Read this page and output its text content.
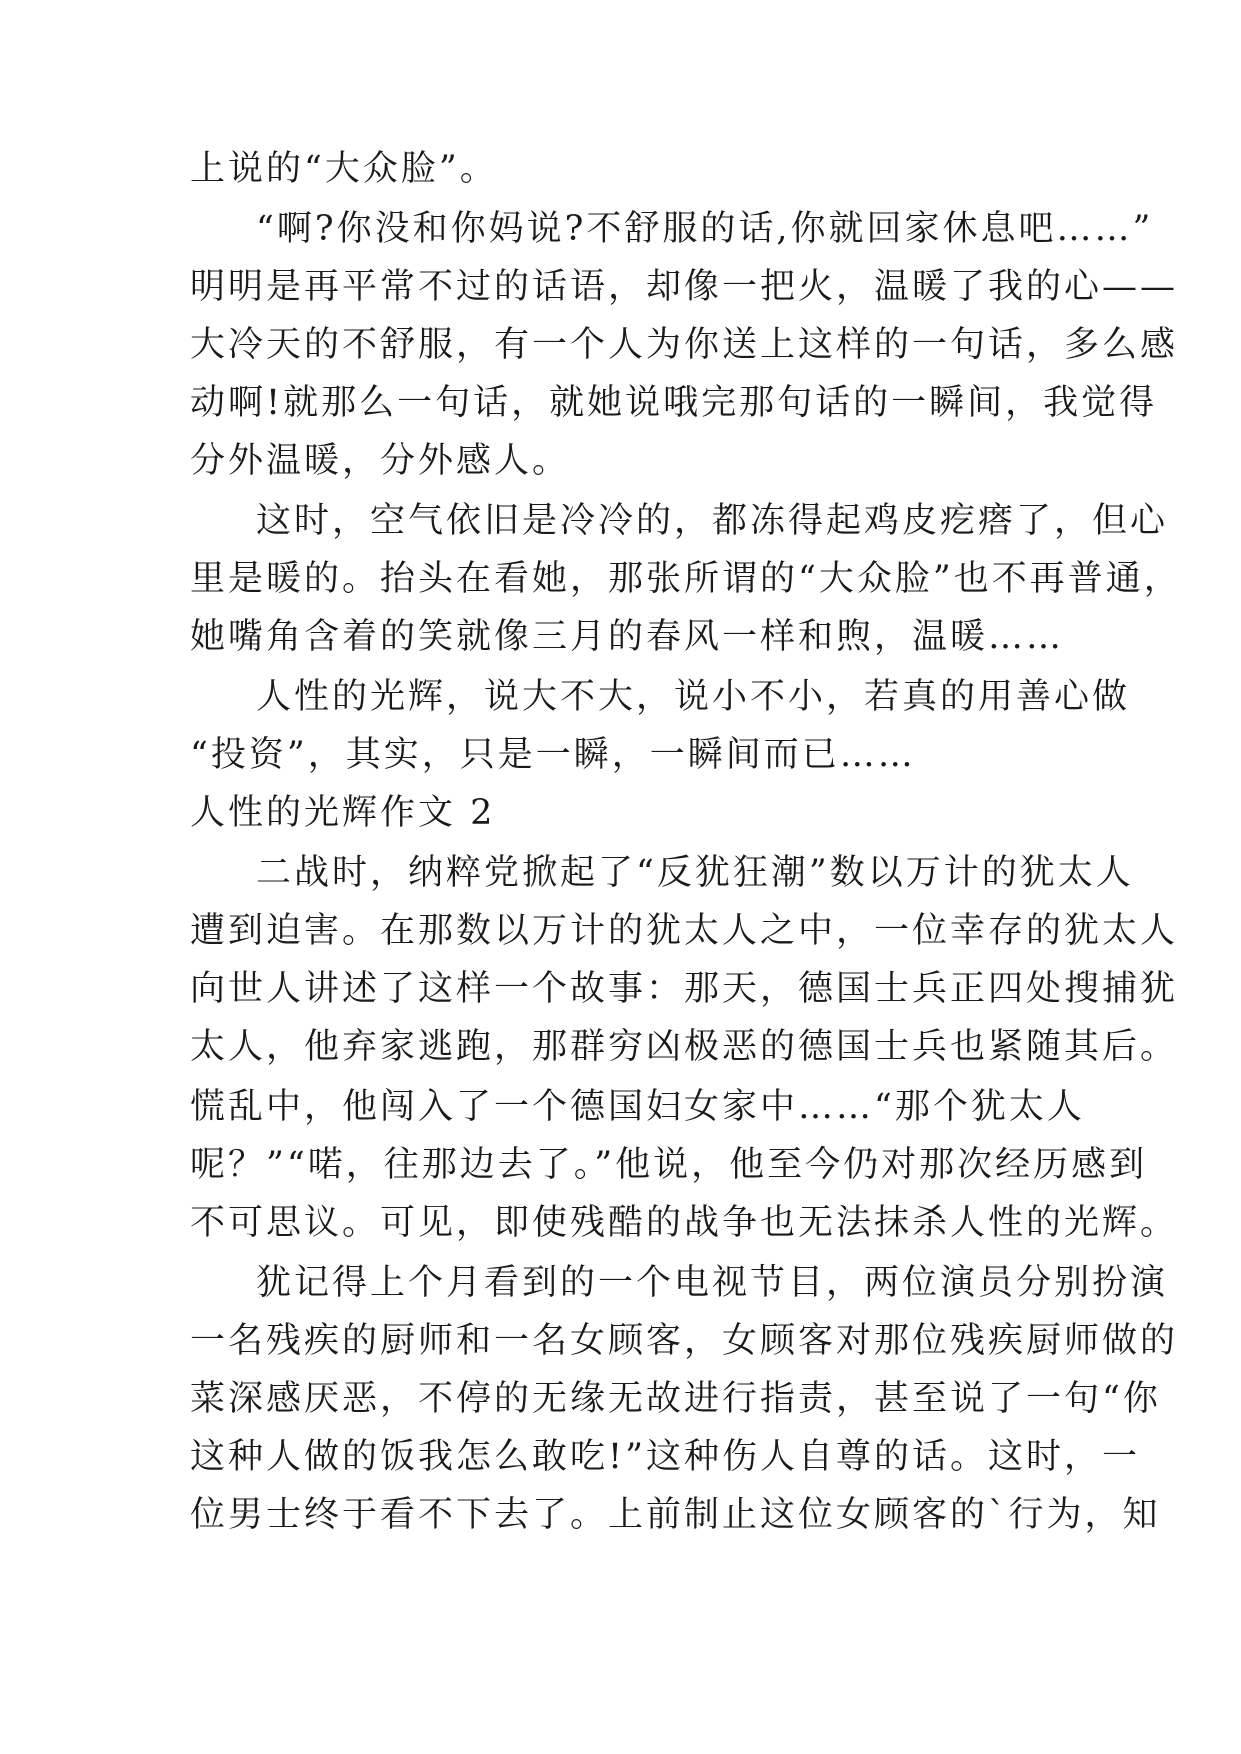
上说的“大众脸”。
“啊?你没和你妈说?不舒服的话,你就回家休息吧……”
明明是再平常不过的话语，却像一把火，温暖了我的心——
大冷天的不舒服，有一个人为你送上这样的一句话，多么感
动啊!就那么一句话，就她说哦完那句话的一瞬间，我觉得
分外温暖，分外感人。
这时，空气依旧是冷冷的，都冻得起鸡皮疙瘩了，但心
里是暖的。抬头在看她，那张所谓的“大众脸”也不再普通，
她嘴角含着的笑就像三月的春风一样和煦，温暖……
人性的光辉，说大不大，说小不小，若真的用善心做
“投资”，其实，只是一瞬，一瞬间而已……
人性的光辉作文 2
二战时，纳粹党掀起了“反犹狂潮”数以万计的犹太人
遭到迫害。在那数以万计的犹太人之中，一位幸存的犹太人
向世人讲述了这样一个故事：那天，德国士兵正四处搜捕犹
太人，他弃家逃跑，那群穷凶极恶的德国士兵也紧随其后。
慌乱中，他闯入了一个德国妇女家中……“那个犹太人
呢？”“喏，往那边去了。”他说，他至今仍对那次经历感到
不可思议。可见，即使残酷的战争也无法抹杀人性的光辉。
犹记得上个月看到的一个电视节目，两位演员分别扮演
一名残疾的厨师和一名女顾客，女顾客对那位残疾厨师做的
菜深感厌恶，不停的无缘无故进行指责，甚至说了一句“你
这种人做的饭我怎么敢吃!”这种伤人自尊的话。这时，一
位男士终于看不下去了。上前制止这位女顾客的`行为，知
